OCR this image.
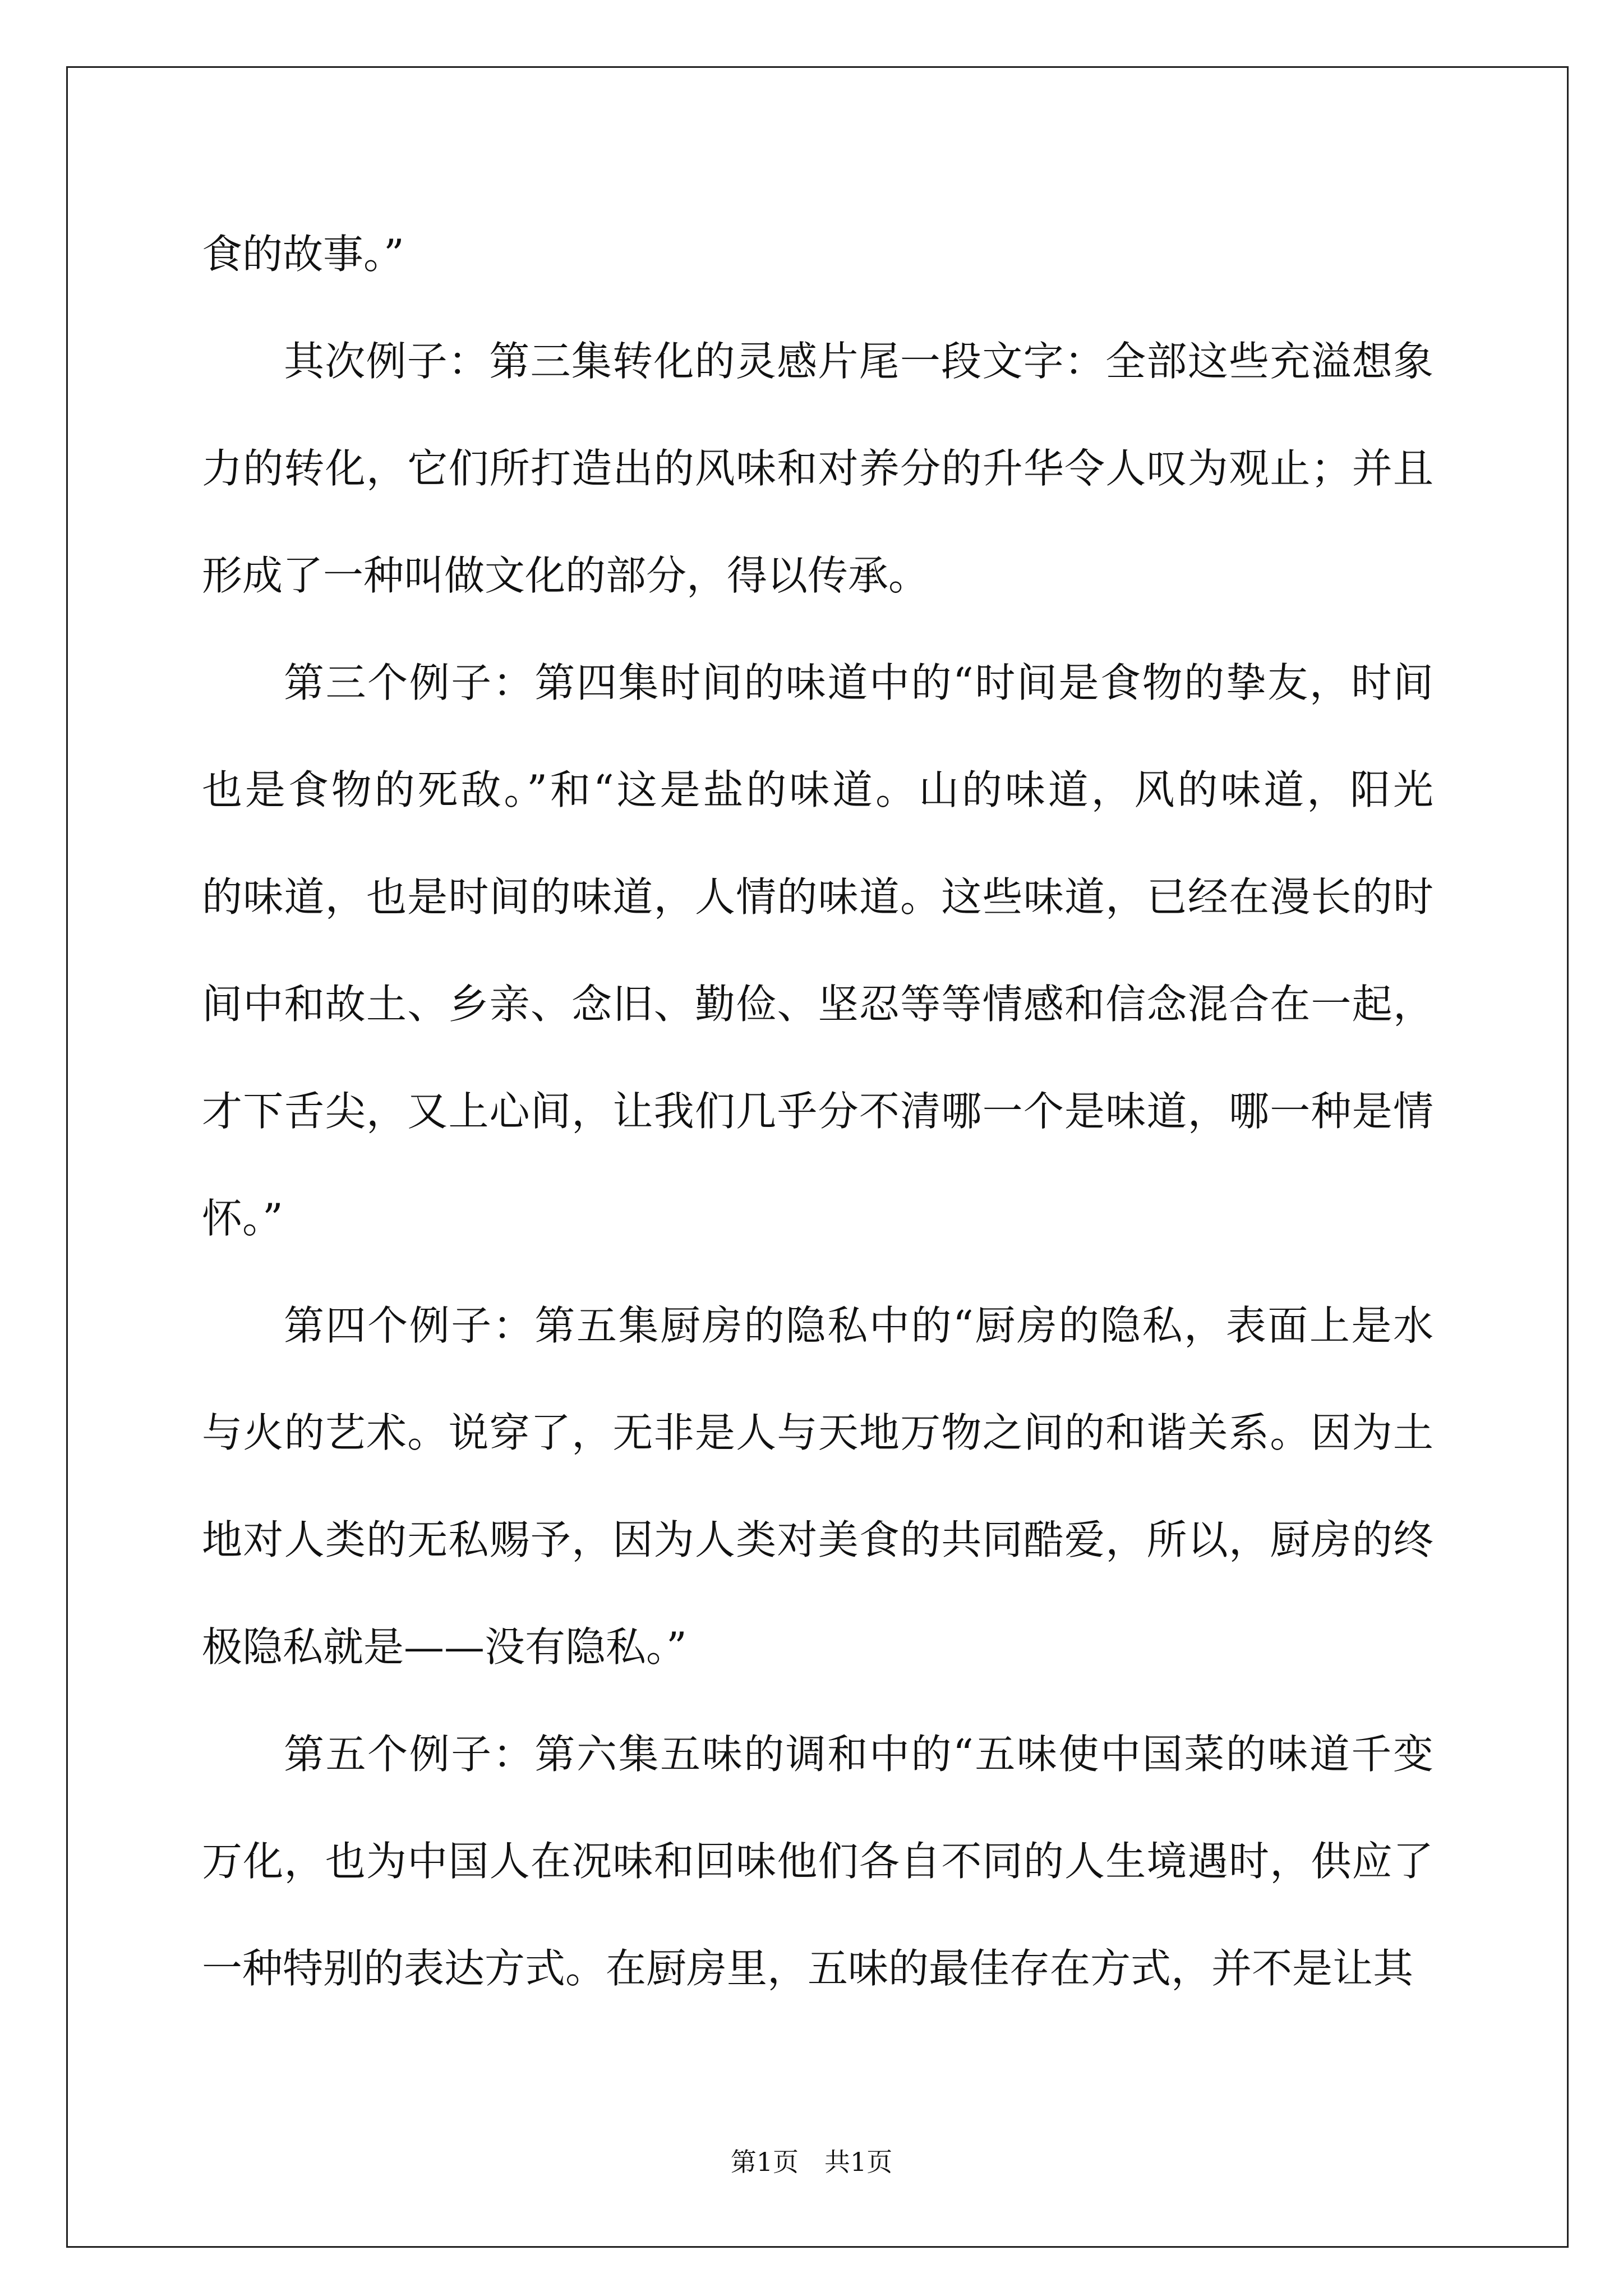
食的故事。”
其次例子：第三集转化的灵感片尾一段文字：全部这些充溢想象
力的转化，它们所打造出的风味和对养分的升华令人叹为观止；并且
形成了一种叫做文化的部分，得以传承。
第三个例子：第四集时间的味道中的“时间是食物的挚友，时间
也是食物的死敌。”和“这是盐的味道。山的味道，风的味道，阳光
的味道，也是时间的味道，人情的味道。这些味道，已经在漫长的时
间中和故土、乡亲、念旧、勤俭、坚忍等等情感和信念混合在一起，
才下舌尖，又上心间，让我们几乎分不清哪一个是味道，哪一种是情
怀。”
第四个例子：第五集厨房的隐私中的“厨房的隐私，表面上是水
与火的艺术。说穿了，无非是人与天地万物之间的和谐关系。因为土
地对人类的无私赐予，因为人类对美食的共同酷爱，所以，厨房的终
极隐私就是——没有隐私。”
第五个例子：第六集五味的调和中的“五味使中国菜的味道千变
万化，也为中国人在况味和回味他们各自不同的人生境遇时，供应了
一种特别的表达方式。在厨房里，五味的最佳存在方式，并不是让其
第1页　共1页
